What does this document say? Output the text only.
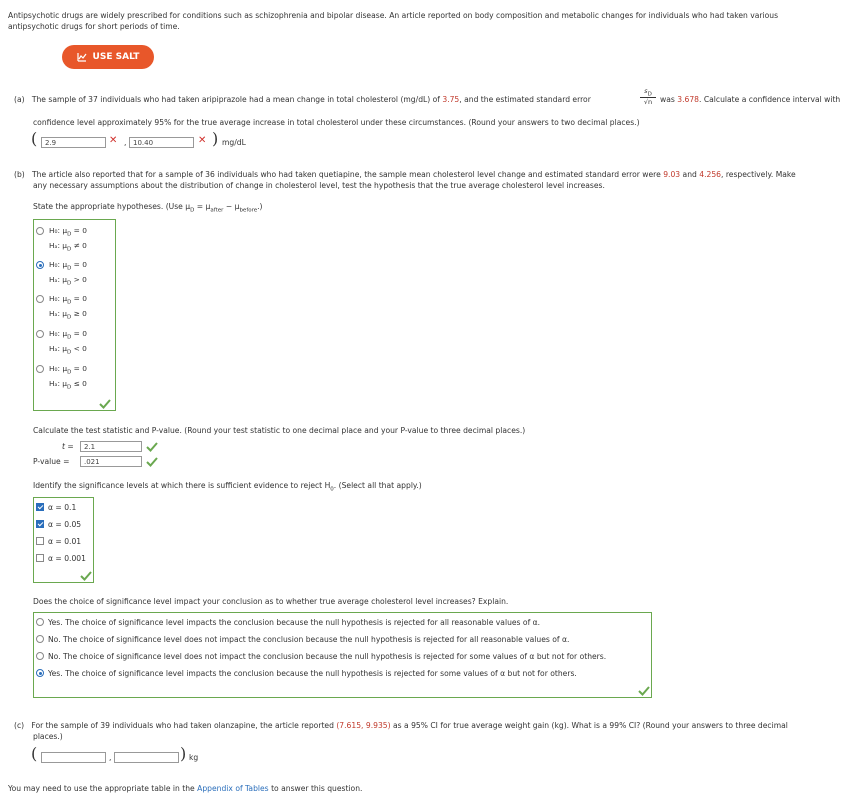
Antipsychotic drugs are widely prescribed for conditions such as schizophrenia and bipolar disease. An article reported on body composition and metabolic changes for individuals who had taken various
antipsychotic drugs for short periods of time.
USE SALT
(a) The sample of 37 individuals who had taken aripiprazole had a mean change in total cholesterol (mg/dL) of 3.75, and the estimated standard error	$\frac{s_D}{√n}$ was 3.678. Calculate a confidence interval with
confidence level approximately 95% for the true average increase in total cholesterol under these circumstances. (Round your answers to two decimal places.)
(	2.9	✕ , 10.40	✕ ) mg/dL
(b) The article also reported that for a sample of 36 individuals who had taken quetiapine, the sample mean cholesterol level change and estimated standard error were 9.03 and 4.256, respectively. Make
any necessary assumptions about the distribution of change in cholesterol level, test the hypothesis that the true average cholesterol level increases.
State the appropriate hypotheses. (Use $\mu_D = \mu_{after} - \mu_{before}$.)
H₀: $\mu_D = 0$
Hₐ: $\mu_D \ne 0$
H₀: $\mu_D = 0$
Hₐ: $\mu_D > 0$
H₀: $\mu_D = 0$
Hₐ: $\mu_D \ge 0$
H₀: $\mu_D = 0$
Hₐ: $\mu_D < 0$
H₀: $\mu_D = 0$
Hₐ: $\mu_D \le 0$
Calculate the test statistic and P-value. (Round your test statistic to one decimal place and your P-value to three decimal places.)
t =	2.1
P-value =	.021
Identify the significance levels at which there is sufficient evidence to reject $H_0$. (Select all that apply.)
α = 0.1
α = 0.05
α = 0.01
α = 0.001
Does the choice of significance level impact your conclusion as to whether true average cholesterol level increases? Explain.
Yes. The choice of significance level impacts the conclusion because the null hypothesis is rejected for all reasonable values of α.
No. The choice of significance level does not impact the conclusion because the null hypothesis is rejected for all reasonable values of α.
No. The choice of significance level does not impact the conclusion because the null hypothesis is rejected for some values of α but not for others.
Yes. The choice of significance level impacts the conclusion because the null hypothesis is rejected for some values of α but not for others.
(c) For the sample of 39 individuals who had taken olanzapine, the article reported (7.615, 9.935) as a 95% CI for true average weight gain (kg). What is a 99% CI? (Round your answers to three decimal
places.)
(	,	) kg
You may need to use the appropriate table in the Appendix of Tables to answer this question.
